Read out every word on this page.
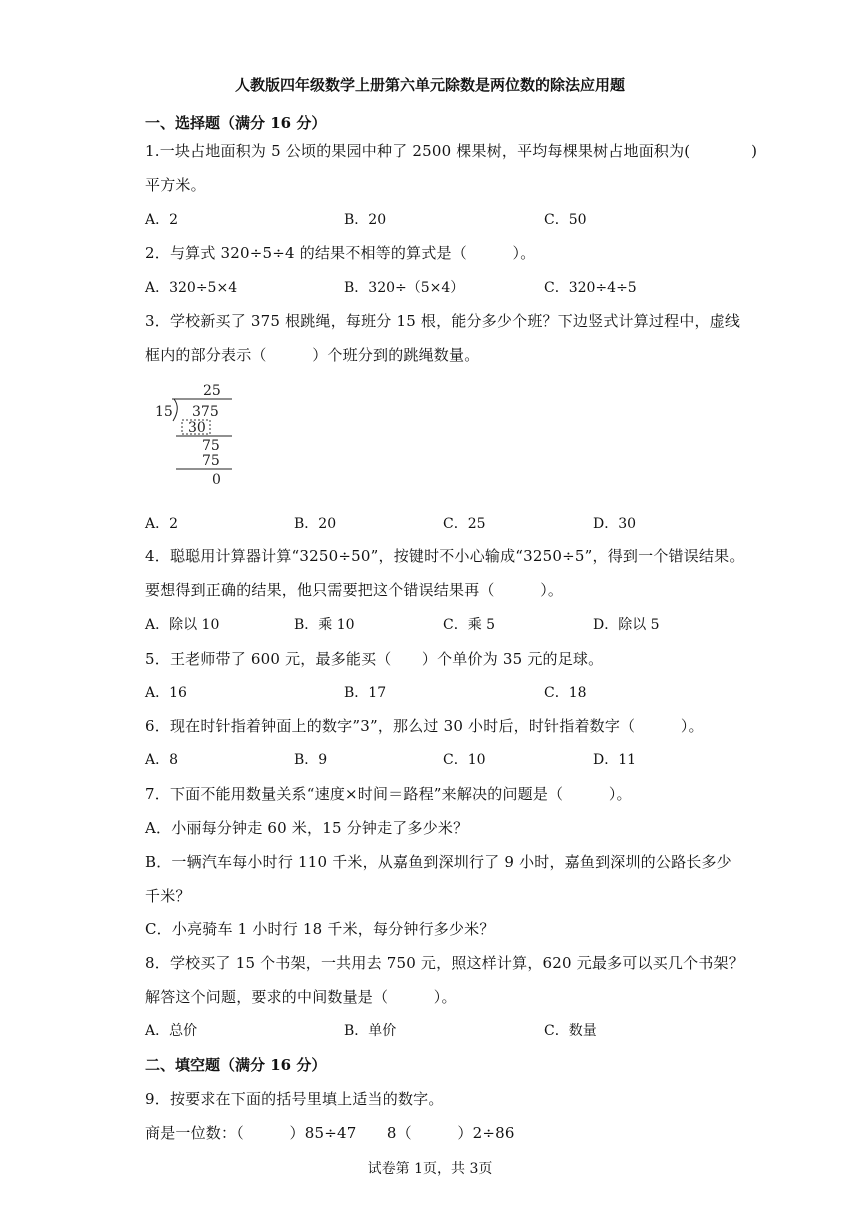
人教版四年级数学上册第六单元除数是两位数的除法应用题
一、选择题（满分 16 分）
1.一块占地面积为 5 公顷的果园中种了 2500 棵果树，平均每棵果树占地面积为(　　　　)
平方米。
A．2	B．20	C．50
2．与算式 320÷5÷4 的结果不相等的算式是（　　　）。
A．320÷5×4	B．320÷（5×4）	C．320÷4÷5
3．学校新买了 375 根跳绳，每班分 15 根，能分多少个班？下边竖式计算过程中，虚线
框内的部分表示（　　　）个班分到的跳绳数量。
25
15 375
30
75
75
0
A．2	B．20	C．25	D．30
4．聪聪用计算器计算“3250÷50”，按键时不小心输成“3250÷5”，得到一个错误结果。
要想得到正确的结果，他只需要把这个错误结果再（　　　）。
A．除以 10	B．乘 10	C．乘 5	D．除以 5
5．王老师带了 600 元，最多能买（　　）个单价为 35 元的足球。
A．16	B．17	C．18
6．现在时针指着钟面上的数字”3”，那么过 30 小时后，时针指着数字（　　　）。
A．8	B．9	C．10	D．11
7．下面不能用数量关系“速度×时间＝路程”来解决的问题是（　　　）。
A．小丽每分钟走 60 米，15 分钟走了多少米？
B．一辆汽车每小时行 110 千米，从嘉鱼到深圳行了 9 小时，嘉鱼到深圳的公路长多少
千米？
C．小亮骑车 1 小时行 18 千米，每分钟行多少米？
8．学校买了 15 个书架，一共用去 750 元，照这样计算，620 元最多可以买几个书架？
解答这个问题，要求的中间数量是（　　　）。
A．总价	B．单价	C．数量
二、填空题（满分 16 分）
9．按要求在下面的括号里填上适当的数字。
商是一位数：（　　　）85÷47　　8（　　　）2÷86
试卷第 1页，共 3页
